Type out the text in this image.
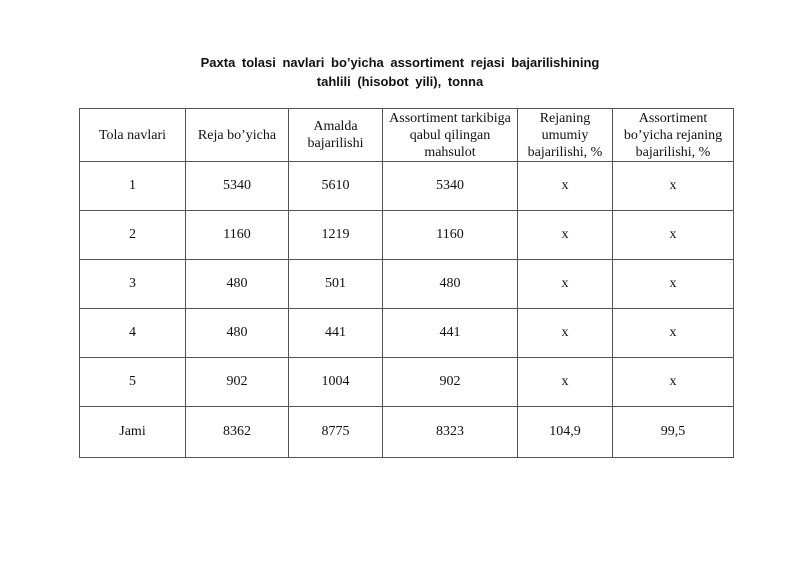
Paxta tolasi navlari bo’yicha assortiment rejasi bajarilishining
tahlili (hisobot yili), tonna
Tola navlari	Reja bo’yicha	Amalda bajarilishi	Assortiment tarkibiga qabul qilingan mahsulot	Rejaning umumiy bajarilishi, %	Assortiment bo’yicha rejaning bajarilishi, %
1	5340	5610	5340	x	x
2	1160	1219	1160	x	x
3	480	501	480	x	x
4	480	441	441	x	x
5	902	1004	902	x	x
Jami	8362	8775	8323	104,9	99,5
